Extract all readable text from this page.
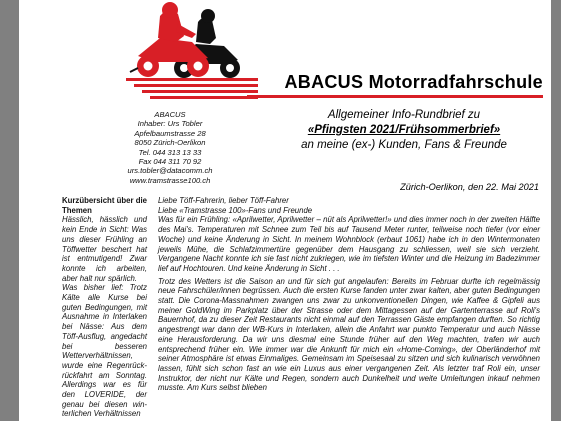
ABACUS Motorradfahrschule
ABACUS
Inhaber: Urs Tobler
Apfelbaumstrasse 28
8050 Zürich-Oerlikon
Tel. 044 313 13 33
Fax 044 311 70 92
urs.tobler@datacomm.ch
www.tramstrasse100.ch
Allgemeiner Info-Rundbrief zu
«Pfingsten 2021/Frühsommerbrief»
an meine (ex-) Kunden, Fans & Freunde
Zürich-Oerlikon, den 22. Mai 2021

Kurzübersicht über die Themen

Hässlich, hässlich und kein Ende in Sicht: Was uns dieser Frühling an Töffwetter beschert hat ist entmutigend! Zwar konnte ich arbeiten, aber halt nur spärlich.

Was bisher lief: Trotz Kälte alle Kurse bei guten Bedingungen, mit Ausnahme in Interlaken bei Nässe: Aus dem Töff-Ausflug, angedacht bei besseren Wetterverhältnissen, wurde eine Regenrück-rückfahrt am Sonntag. Allerdings war es für den LOVERIDE, der genau bei diesen win-terlichen Verhältnissen

Liebe Töff-Fahrerin, lieber Töff-Fahrer

Liebe «Tramstrasse 100»-Fans und Freunde

Was für ein Frühling: «Aprilwetter, Aprilwetter – nüt als Aprilwetter!» und dies immer noch in der zweiten Hälfte des Mai's. Temperaturen mit Schnee zum Teil bis auf Tausend Meter runter, teilweise noch tiefer (vor einer Woche) und keine Änderung in Sicht. In meinem Wohnblock (erbaut 1061) habe ich in den Wintermonaten jeweils Mühe, die Schlafzimmertüre gegenüber dem Hausgang zu schliessen, weil sie sich verzieht. Vergangene Nacht konnte ich sie fast nicht zukriegen, wie im tiefsten Winter und die Heizung im Badezimmer lief auf Hochtouren. Und keine Änderung in Sicht . . .

Trotz des Wetters ist die Saison an und für sich gut angelaufen: Bereits im Februar durfte ich regelmässig neue Fahrschüler/innen begrüssen. Auch die ersten Kurse fanden unter zwar kalten, aber guten Bedingungen statt. Die Corona-Massnahmen zwangen uns zwar zu unkonventionellen Dingen, wie Kaffee & Gipfeli aus meiner GoldWing im Parkplatz über der Strasse oder dem Mittagessen auf der Gartenterrasse auf Roli's Bauernhof, da zu dieser Zeit Restaurants nicht einmal auf den Terrassen Gäste empfangen durften. So richtig angestrengt war dann der WB-Kurs in Interlaken, allein die Anfahrt war punkto Temperatur und auch Nässe eine Herausforderung. Da wir uns diesmal eine Stunde früher auf den Weg machten, trafen wir auch entsprechend früher ein. Wie immer war die Ankunft für mich ein «Home-Coming», der Oberländerhof mit seiner Atmosphäre ist etwas Einmaliges. Gemeinsam im Speisesaal zu sitzen und sich kulinarisch verwöhnen lassen, fühlt sich schon fast an wie ein Luxus aus einer vergangenen Zeit. Als letzter traf Roli ein, unser Instruktor, der nicht nur Kälte und Regen, sondern auch Dunkelheit und weite Umleitungen inkauf nehmen musste. Am Kurs selbst blieben
